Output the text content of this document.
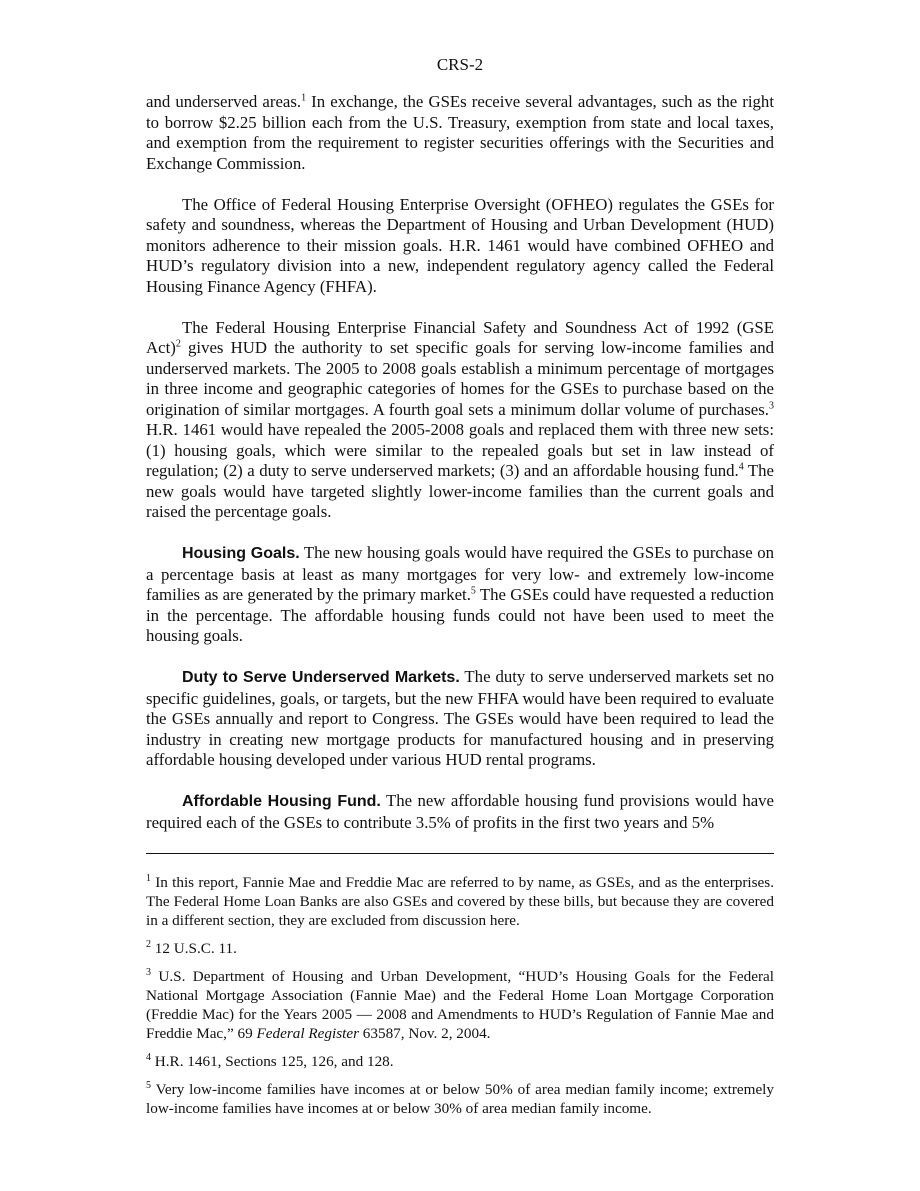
CRS-2

and underserved areas.$^1$ In exchange, the GSEs receive several advantages, such as the right to borrow $2.25 billion each from the U.S. Treasury, exemption from state and local taxes, and exemption from the requirement to register securities offerings with the Securities and Exchange Commission.

The Office of Federal Housing Enterprise Oversight (OFHEO) regulates the GSEs for safety and soundness, whereas the Department of Housing and Urban Development (HUD) monitors adherence to their mission goals. H.R. 1461 would have combined OFHEO and HUD’s regulatory division into a new, independent regulatory agency called the Federal Housing Finance Agency (FHFA).

The Federal Housing Enterprise Financial Safety and Soundness Act of 1992 (GSE Act)$^2$ gives HUD the authority to set specific goals for serving low-income families and underserved markets. The 2005 to 2008 goals establish a minimum percentage of mortgages in three income and geographic categories of homes for the GSEs to purchase based on the origination of similar mortgages. A fourth goal sets a minimum dollar volume of purchases.$^3$ H.R. 1461 would have repealed the 2005-2008 goals and replaced them with three new sets: (1) housing goals, which were similar to the repealed goals but set in law instead of regulation; (2) a duty to serve underserved markets; (3) and an affordable housing fund.$^4$ The new goals would have targeted slightly lower-income families than the current goals and raised the percentage goals.

Housing Goals. The new housing goals would have required the GSEs to purchase on a percentage basis at least as many mortgages for very low- and extremely low-income families as are generated by the primary market.$^5$ The GSEs could have requested a reduction in the percentage. The affordable housing funds could not have been used to meet the housing goals.

Duty to Serve Underserved Markets. The duty to serve underserved markets set no specific guidelines, goals, or targets, but the new FHFA would have been required to evaluate the GSEs annually and report to Congress. The GSEs would have been required to lead the industry in creating new mortgage products for manufactured housing and in preserving affordable housing developed under various HUD rental programs.

Affordable Housing Fund. The new affordable housing fund provisions would have required each of the GSEs to contribute 3.5% of profits in the first two years and 5%

$^1$ In this report, Fannie Mae and Freddie Mac are referred to by name, as GSEs, and as the enterprises. The Federal Home Loan Banks are also GSEs and covered by these bills, but because they are covered in a different section, they are excluded from discussion here.

$^2$ 12 U.S.C. 11.

$^3$ U.S. Department of Housing and Urban Development, “HUD’s Housing Goals for the Federal National Mortgage Association (Fannie Mae) and the Federal Home Loan Mortgage Corporation (Freddie Mac) for the Years 2005 — 2008 and Amendments to HUD’s Regulation of Fannie Mae and Freddie Mac,” 69 Federal Register 63587, Nov. 2, 2004.

$^4$ H.R. 1461, Sections 125, 126, and 128.

$^5$ Very low-income families have incomes at or below 50% of area median family income; extremely low-income families have incomes at or below 30% of area median family income.
